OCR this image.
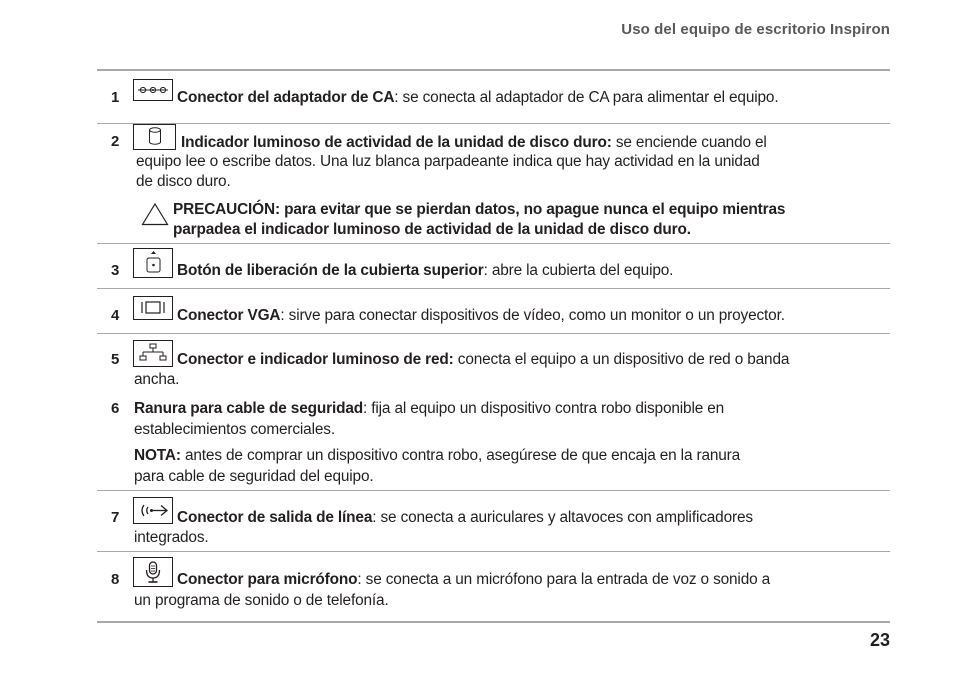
Uso del equipo de escritorio Inspiron
1	Conector del adaptador de CA: se conecta al adaptador de CA para alimentar el equipo.
2	Indicador luminoso de actividad de la unidad de disco duro: se enciende cuando el
equipo lee o escribe datos. Una luz blanca parpadeante indica que hay actividad en la unidad
de disco duro.
PRECAUCIÓN: para evitar que se pierdan datos, no apague nunca el equipo mientras
parpadea el indicador luminoso de actividad de la unidad de disco duro.
3	Botón de liberación de la cubierta superior: abre la cubierta del equipo.
4	Conector VGA: sirve para conectar dispositivos de vídeo, como un monitor o un proyector.
5	Conector e indicador luminoso de red: conecta el equipo a un dispositivo de red o banda
ancha.
6 Ranura para cable de seguridad: fija al equipo un dispositivo contra robo disponible en
establecimientos comerciales.
NOTA: antes de comprar un dispositivo contra robo, asegúrese de que encaja en la ranura
para cable de seguridad del equipo.
7	Conector de salida de línea: se conecta a auriculares y altavoces con amplificadores
integrados.
8	Conector para micrófono: se conecta a un micrófono para la entrada de voz o sonido a
un programa de sonido o de telefonía.
23
